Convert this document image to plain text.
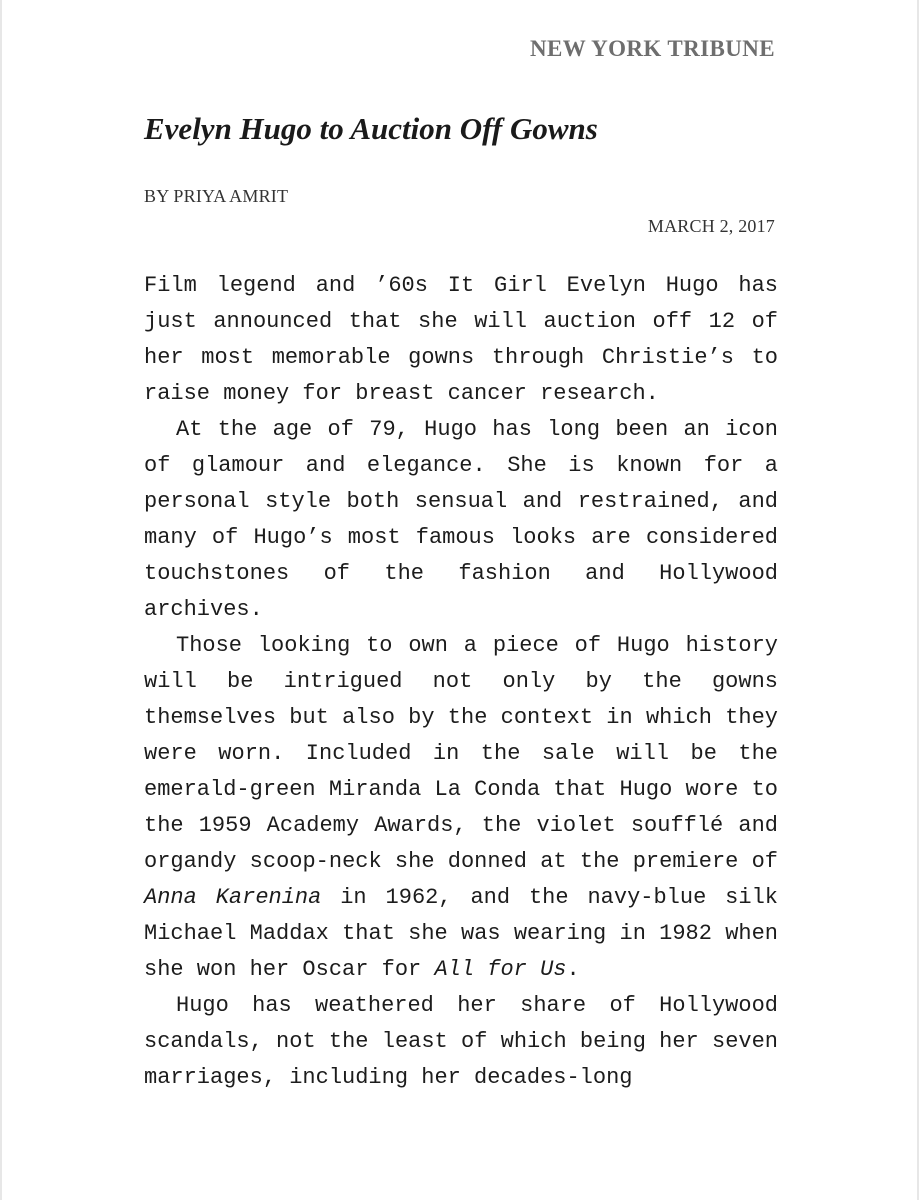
NEW YORK TRIBUNE
Evelyn Hugo to Auction Off Gowns

BY PRIYA AMRIT

MARCH 2, 2017

Film legend and ’60s It Girl Evelyn Hugo has just announced that she will auction off 12 of her most memorable gowns through Christie’s to raise money for breast cancer research.

At the age of 79, Hugo has long been an icon of glamour and elegance. She is known for a personal style both sensual and restrained, and many of Hugo’s most famous looks are considered touchstones of the fashion and Hollywood archives.

Those looking to own a piece of Hugo history will be intrigued not only by the gowns themselves but also by the context in which they were worn. Included in the sale will be the emerald-green Miranda La Conda that Hugo wore to the 1959 Academy Awards, the violet soufflé and organdy scoop-neck she donned at the premiere of Anna Karenina in 1962, and the navy-blue silk Michael Maddax that she was wearing in 1982 when she won her Oscar for All for Us.

Hugo has weathered her share of Hollywood scandals, not the least of which being her seven marriages, including her decades-long
